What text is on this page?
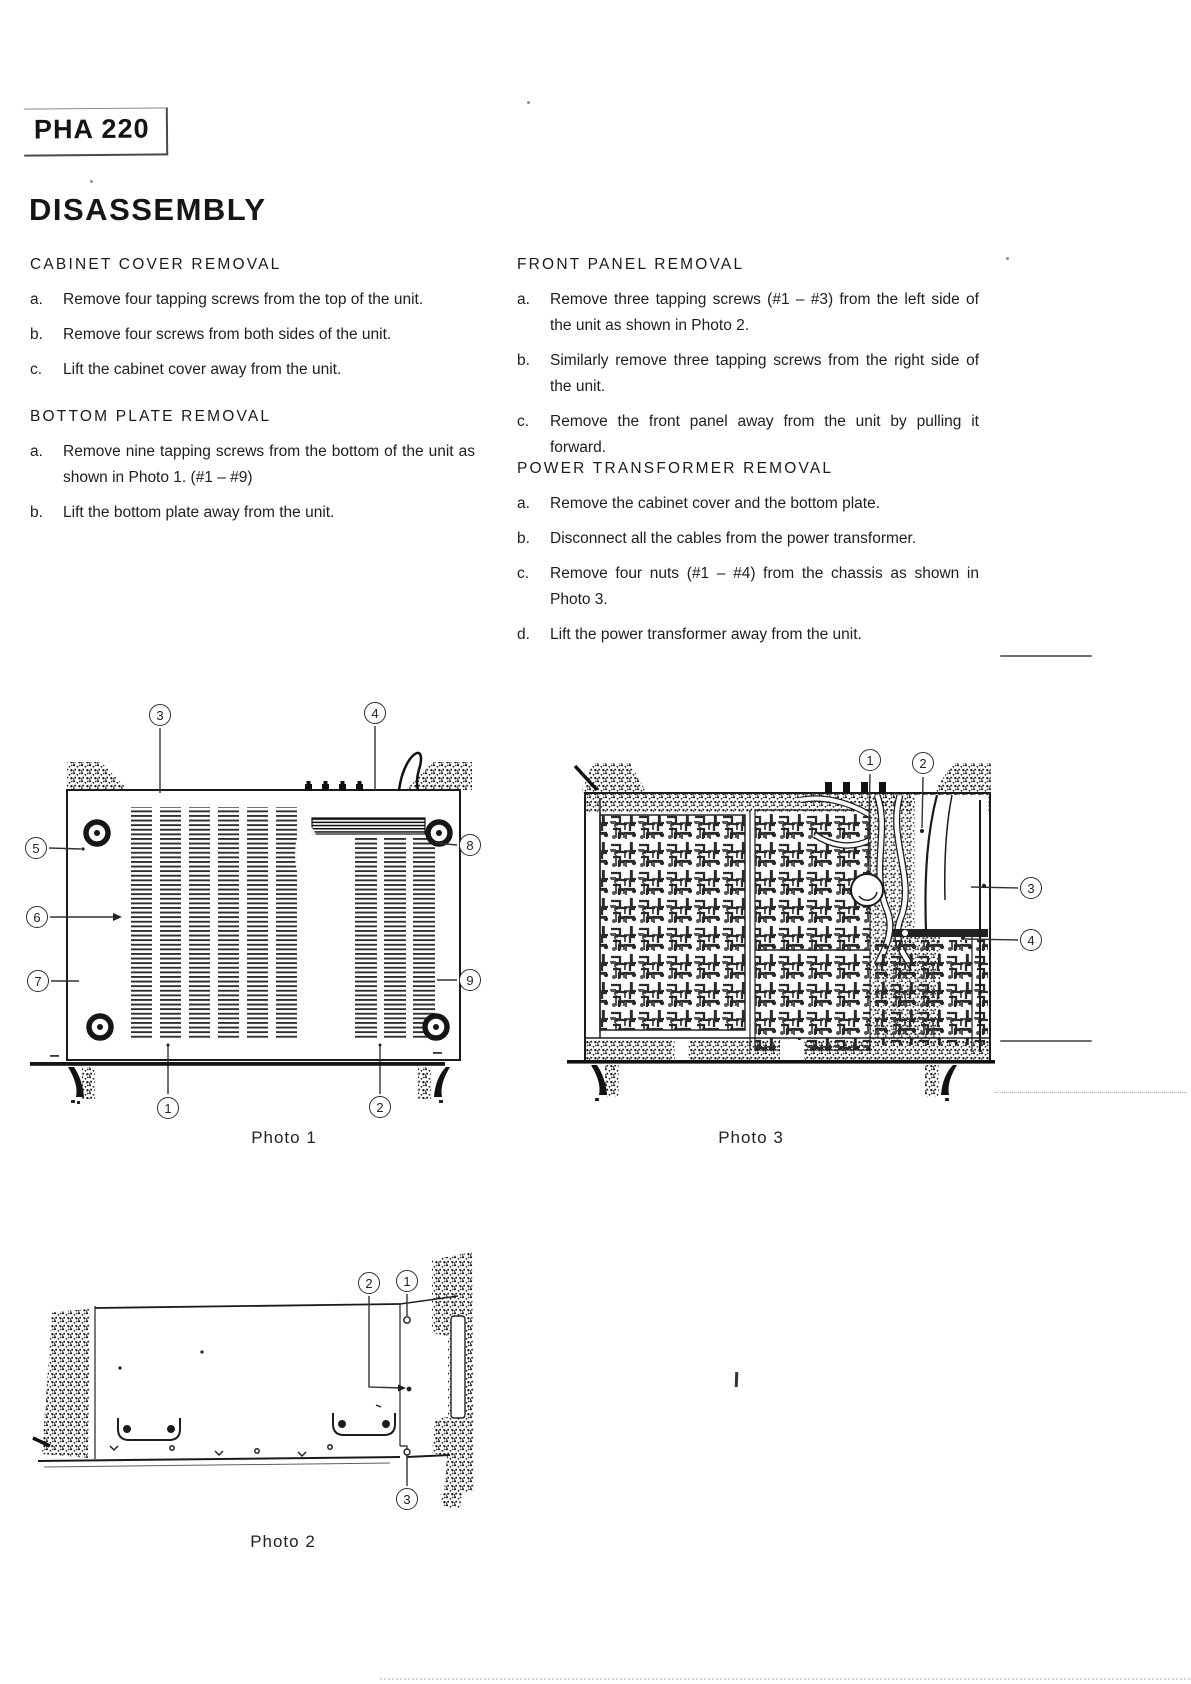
PHA 220
DISASSEMBLY
CABINET COVER REMOVAL
a.	Remove four tapping screws from the top of the unit.
b.	Remove four screws from both sides of the unit.
c.	Lift the cabinet cover away from the unit.
BOTTOM PLATE REMOVAL
a.	Remove nine tapping screws from the bottom of the unit as shown in Photo 1. (#1 – #9)
b.	Lift the bottom plate away from the unit.
FRONT PANEL REMOVAL
a.	Remove three tapping screws (#1 – #3) from the left side of the unit as shown in Photo 2.
b.	Similarly remove three tapping screws from the right side of the unit.
c.	Remove the front panel away from the unit by pulling it forward.
POWER TRANSFORMER REMOVAL
a.	Remove the cabinet cover and the bottom plate.
b.	Disconnect all the cables from the power transformer.
c.	Remove four nuts (#1 – #4) from the chassis as shown in Photo 3.
d.	Lift the power transformer away from the unit.
Photo 1	Photo 3
Photo 2
3	4
5
6
7
8
9
1	2
1	2
3
4
2	1
3
